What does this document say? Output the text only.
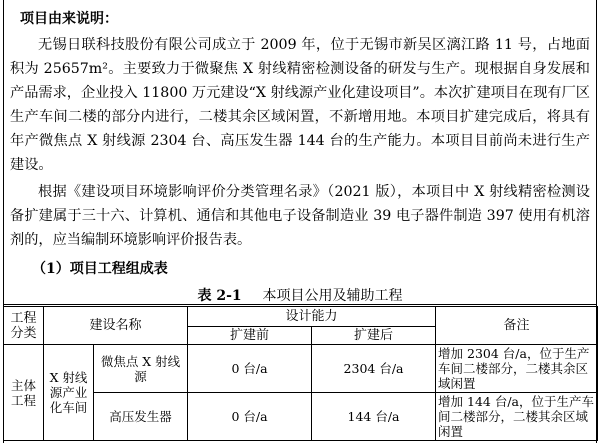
项目由来说明：

无锡日联科技股份有限公司成立于 2009 年，位于无锡市新吴区漓江路 11 号，占地面积为 25657m²。主要致力于微聚焦 X 射线精密检测设备的研发与生产。现根据自身发展和产品需求，企业投入 11800 万元建设“X 射线源产业化建设项目”。本次扩建项目在现有厂区生产车间二楼的部分内进行，二楼其余区域闲置，不新增用地。本项目扩建完成后，将具有年产微焦点 X 射线源 2304 台、高压发生器 144 台的生产能力。本项目目前尚未进行生产建设。

根据《建设项目环境影响评价分类管理名录》（2021 版），本项目中 X 射线精密检测设备扩建属于三十六、计算机、通信和其他电子设备制造业 39 电子器件制造 397 使用有机溶剂的，应当编制环境影响评价报告表。

（1）项目工程组成表
表 2-1 本项目公用及辅助工程
工程分类	建设名称		设计能力		备注
			扩建前	扩建后	
主体工程	X 射线源产业化车间	微焦点 X 射线源	0 台/a	2304 台/a	增加 2304 台/a，位于生产车间二楼部分，二楼其余区域闲置
		高压发生器	0 台/a	144 台/a	增加 144 台/a，位于生产车间二楼部分，二楼其余区域闲置
